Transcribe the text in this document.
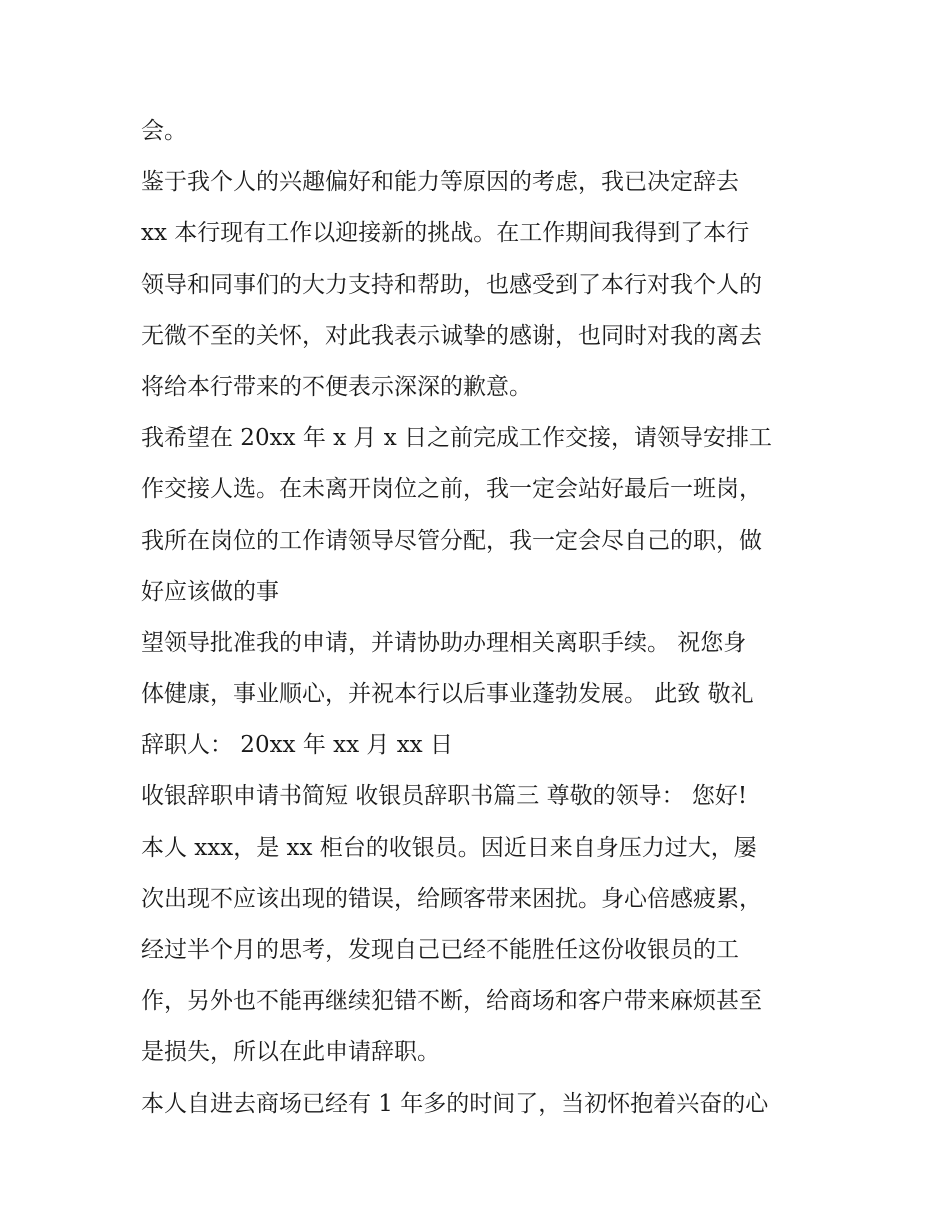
会。
鉴于我个人的兴趣偏好和能力等原因的考虑，我已决定辞去
xx 本行现有工作以迎接新的挑战。在工作期间我得到了本行
领导和同事们的大力支持和帮助，也感受到了本行对我个人的
无微不至的关怀，对此我表示诚挚的感谢，也同时对我的离去
将给本行带来的不便表示深深的歉意。
我希望在 20xx 年 x 月 x 日之前完成工作交接，请领导安排工
作交接人选。在未离开岗位之前，我一定会站好最后一班岗，
我所在岗位的工作请领导尽管分配，我一定会尽自己的职，做
好应该做的事
望领导批准我的申请，并请协助办理相关离职手续。 祝您身
体健康，事业顺心，并祝本行以后事业蓬勃发展。 此致 敬礼
辞职人： 20xx 年 xx 月 xx 日
收银辞职申请书简短 收银员辞职书篇三 尊敬的领导： 您好!
本人 xxx，是 xx 柜台的收银员。因近日来自身压力过大，屡
次出现不应该出现的错误，给顾客带来困扰。身心倍感疲累，
经过半个月的思考，发现自己已经不能胜任这份收银员的工
作，另外也不能再继续犯错不断，给商场和客户带来麻烦甚至
是损失，所以在此申请辞职。
本人自进去商场已经有 1 年多的时间了，当初怀抱着兴奋的心
